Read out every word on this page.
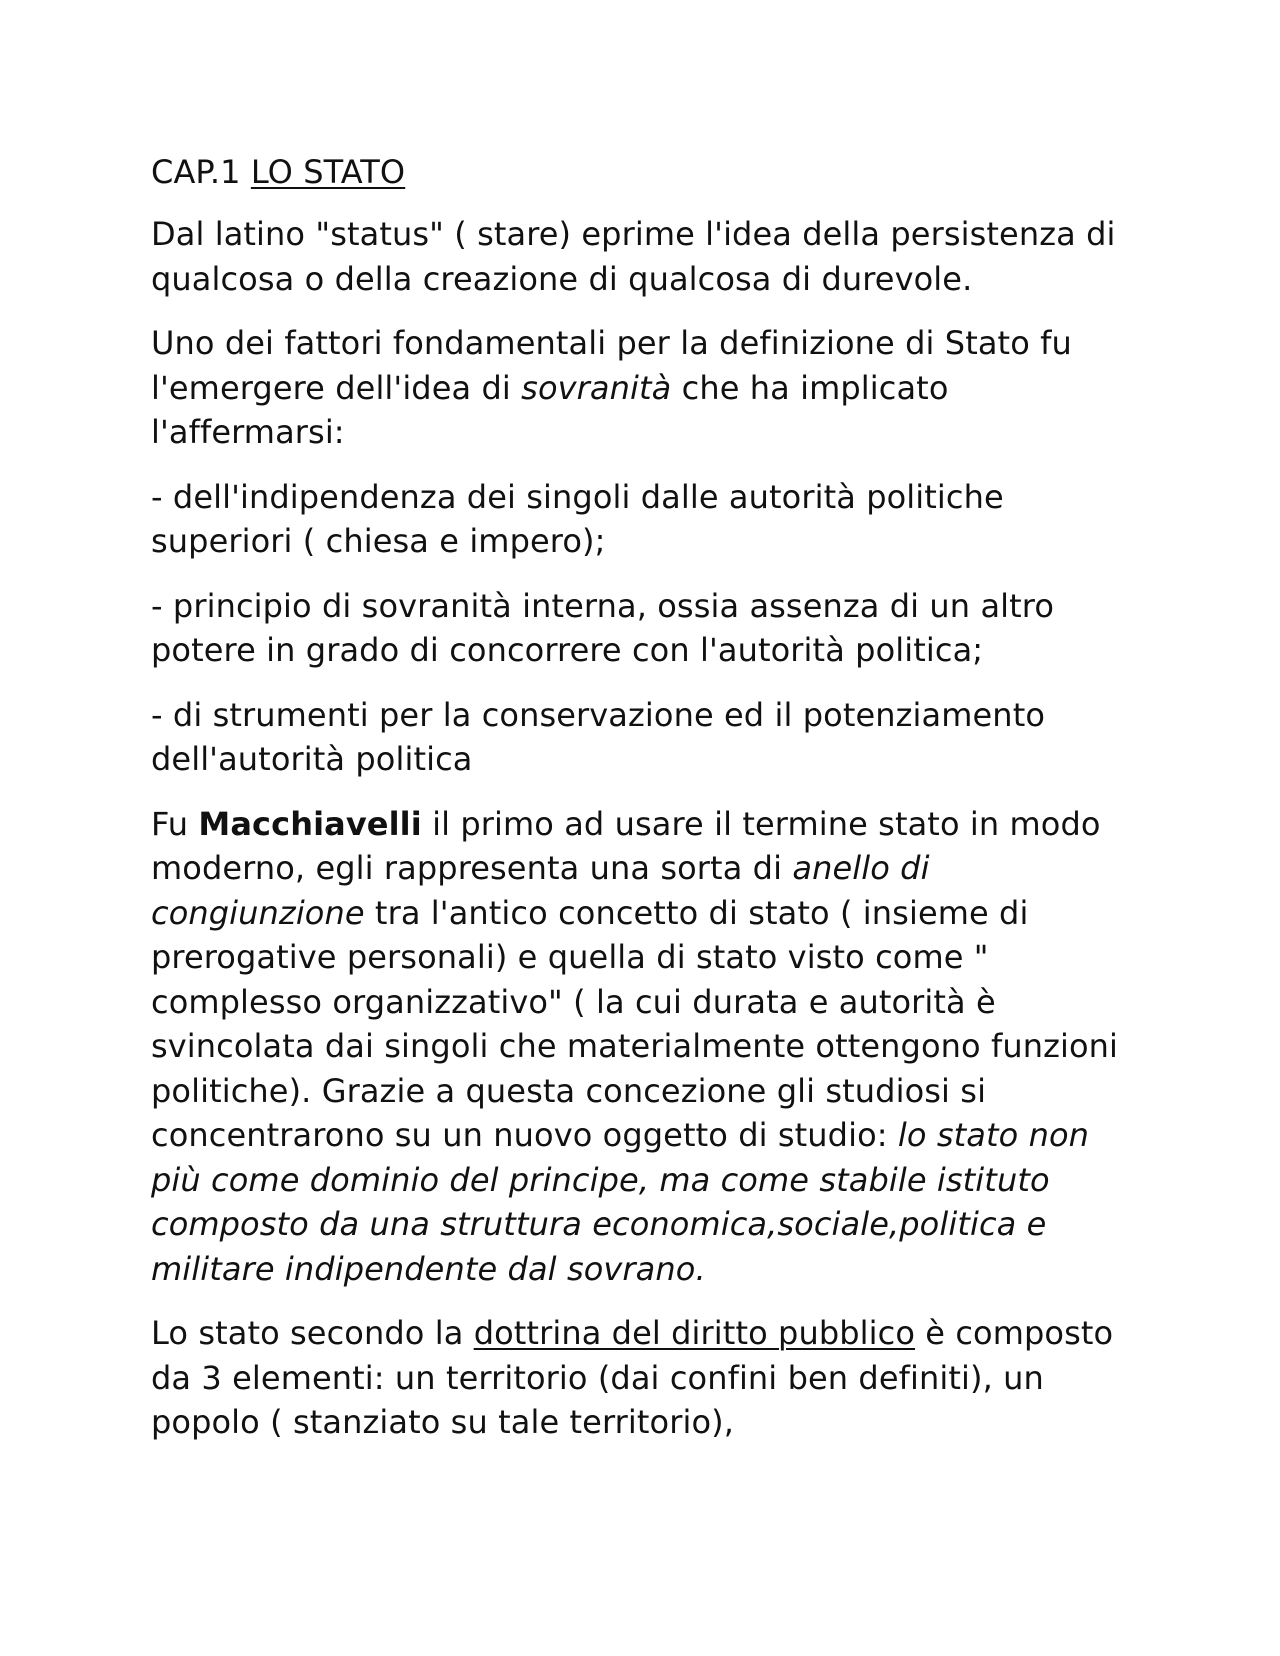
CAP.1 LO STATO

Dal latino "status" ( stare) eprime l'idea della persistenza di qualcosa o della creazione di qualcosa di durevole.

Uno dei fattori fondamentali per la definizione di Stato fu l'emergere dell'idea di sovranità che ha implicato l'affermarsi:

- dell'indipendenza dei singoli dalle autorità politiche superiori ( chiesa e impero);

- principio di sovranità interna, ossia assenza di un altro potere in grado di concorrere con l'autorità politica;

- di strumenti per la conservazione ed il potenziamento dell'autorità politica

Fu Macchiavelli il primo ad usare il termine stato in modo moderno, egli rappresenta una sorta di anello di congiunzione tra l'antico concetto di stato ( insieme di prerogative personali) e quella di stato visto come " complesso organizzativo" ( la cui durata e autorità è svincolata dai singoli che materialmente ottengono funzioni politiche). Grazie a questa concezione gli studiosi si concentrarono su un nuovo oggetto di studio: lo stato non più come dominio del principe, ma come stabile istituto composto da una struttura economica,sociale,politica e militare indipendente dal sovrano.

Lo stato secondo la dottrina del diritto pubblico è composto da 3 elementi: un territorio (dai confini ben definiti), un popolo ( stanziato su tale territorio),
